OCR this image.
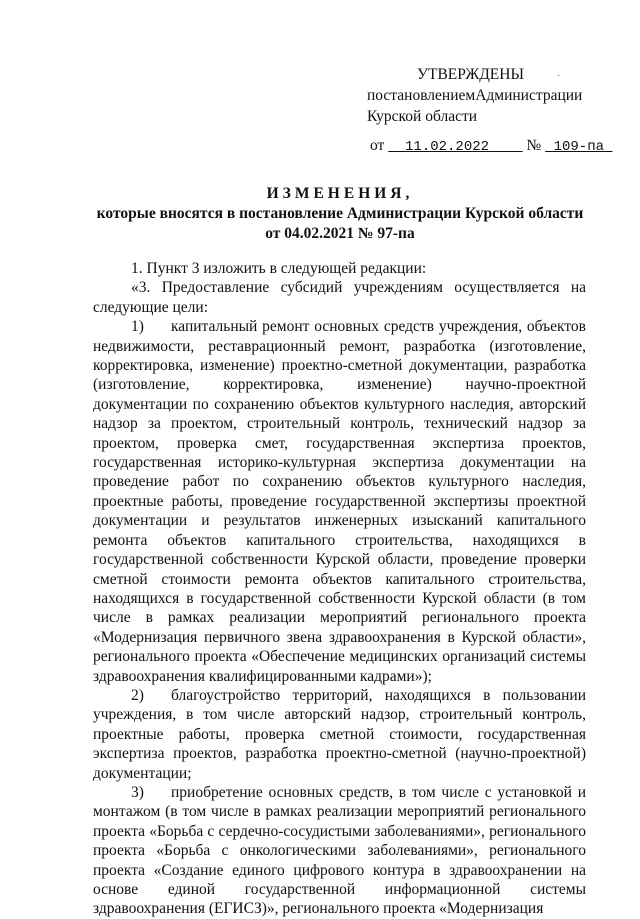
УТВЕРЖДЕНЫ	·
постановлениемАдминистрации
Курской области
от 11.02.2022 № 109-па
ИЗМЕНЕНИЯ,
которые вносятся в постановление Администрации Курской области
от 04.02.2021 № 97-па

1. Пункт 3 изложить в следующей редакции:

«3. Предоставление субсидий учреждениям осуществляется на следующие цели:

1) капитальный ремонт основных средств учреждения, объектов недвижимости, реставрационный ремонт, разработка (изготовление, корректировка, изменение) проектно-сметной документации, разработка (изготовление, корректировка, изменение) научно-проектной документации по сохранению объектов культурного наследия, авторский надзор за проектом, строительный контроль, технический надзор за проектом, проверка смет, государственная экспертиза проектов, государственная историко-культурная экспертиза документации на проведение работ по сохранению объектов культурного наследия, проектные работы, проведение государственной экспертизы проектной документации и результатов инженерных изысканий капитального ремонта объектов капитального строительства, находящихся в государственной собственности Курской области, проведение проверки сметной стоимости ремонта объектов капитального строительства, находящихся в государственной собственности Курской области (в том числе в рамках реализации мероприятий регионального проекта «Модернизация первичного звена здравоохранения в Курской области», регионального проекта «Обеспечение медицинских организаций системы здравоохранения квалифицированными кадрами»);

2) благоустройство территорий, находящихся в пользовании учреждения, в том числе авторский надзор, строительный контроль, проектные работы, проверка сметной стоимости, государственная экспертиза проектов, разработка проектно-сметной (научно-проектной) документации;

3) приобретение основных средств, в том числе с установкой и монтажом (в том числе в рамках реализации мероприятий регионального проекта «Борьба с сердечно-сосудистыми заболеваниями», регионального проекта «Борьба с онкологическими заболеваниями», регионального проекта «Создание единого цифрового контура в здравоохранении на основе единой государственной информационной системы здравоохранения (ЕГИСЗ)», регионального проекта «Модернизация
